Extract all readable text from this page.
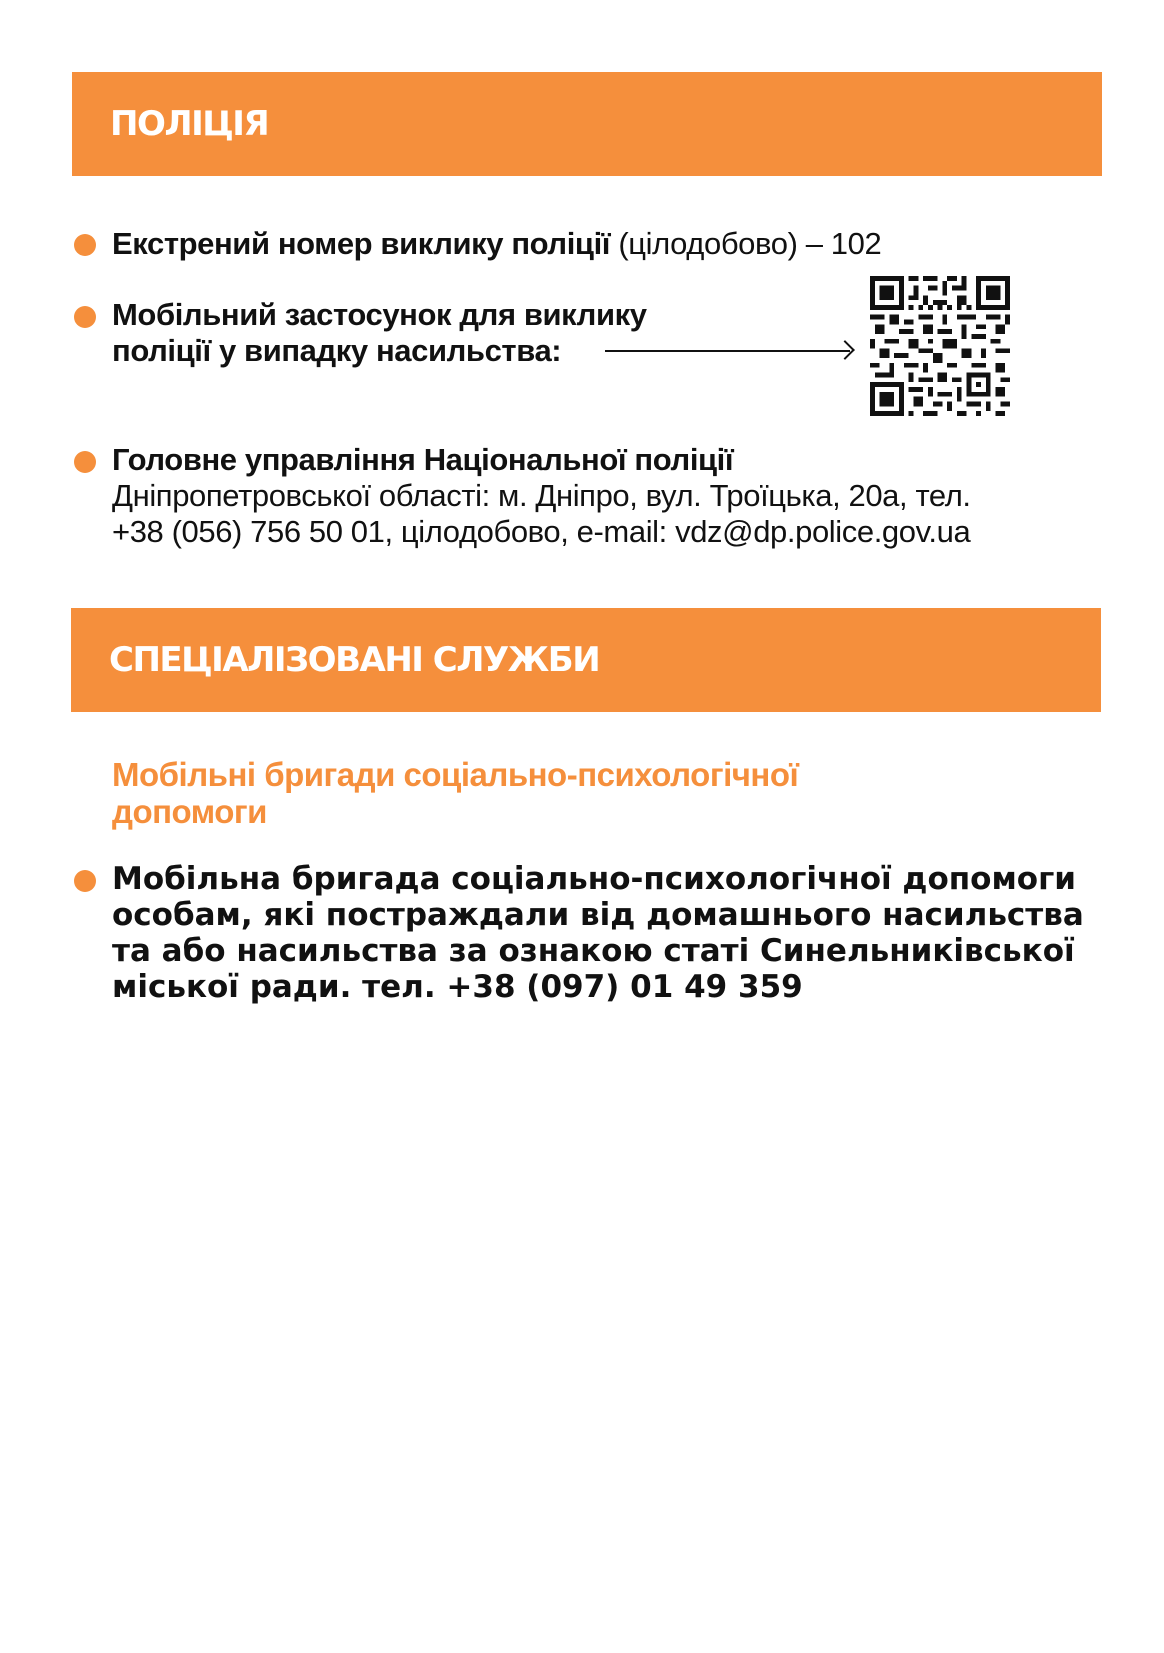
ПОЛІЦІЯ
Екстрений номер виклику поліції (цілодобово) – 102
Мобільний застосунок для виклику
поліції у випадку насильства:
Головне управління Національної поліції
Дніпропетровської області: м. Дніпро, вул. Троїцька, 20а, тел.
+38 (056) 756 50 01, цілодобово, e-mail: vdz@dp.police.gov.ua
СПЕЦІАЛІЗОВАНІ СЛУЖБИ
Мобільні бригади соціально-психологічної
допомоги
Мобільна бригада соціально-психологічної допомоги
особам, які постраждали від домашнього насильства
та або насильства за ознакою статі Синельниківської
міської ради. тел. +38 (097) 01 49 359
